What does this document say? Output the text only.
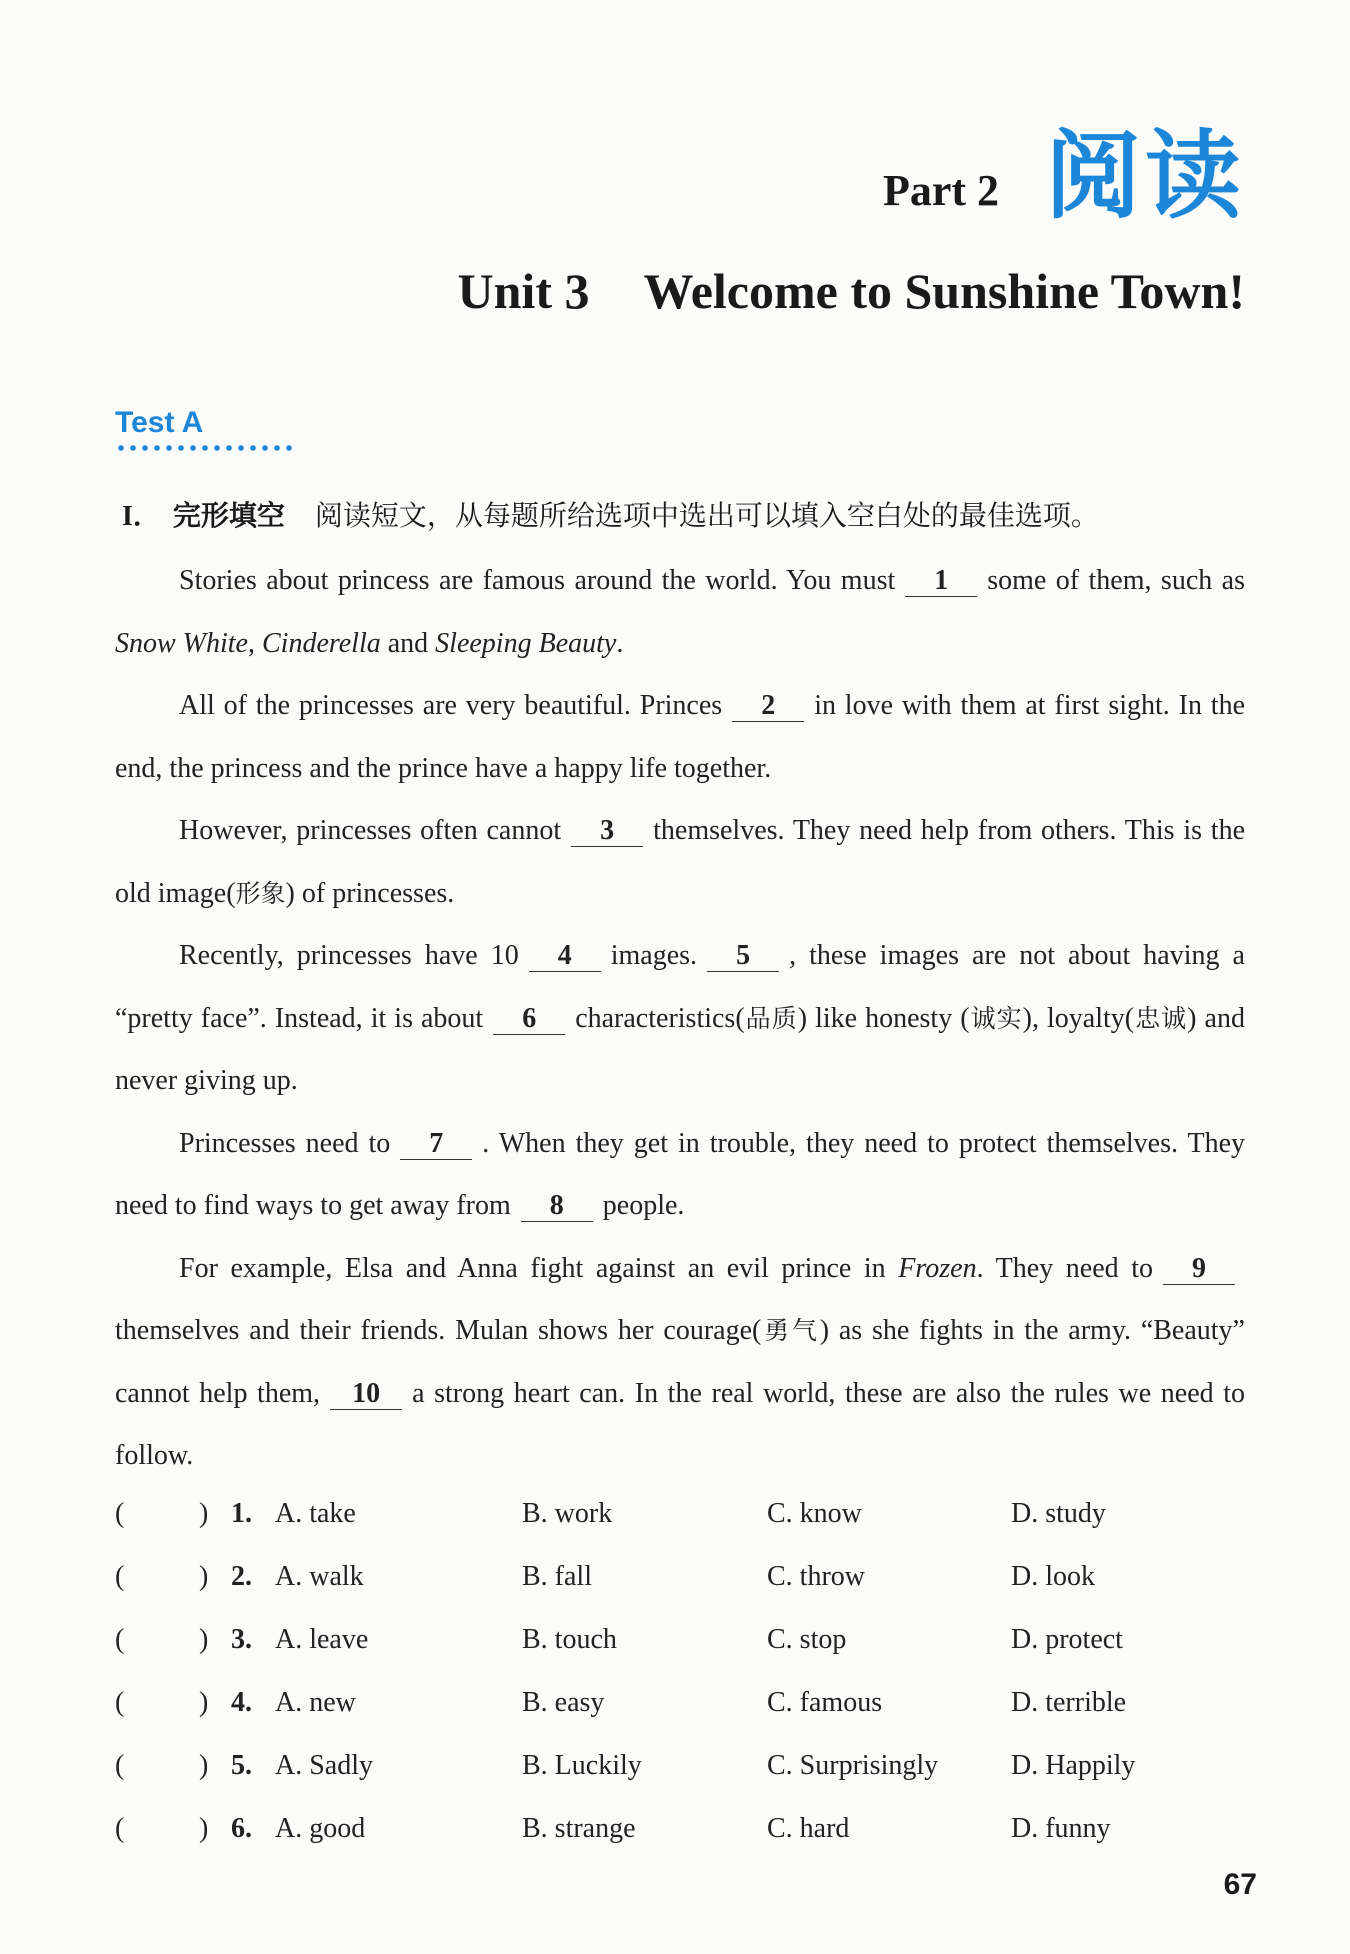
Part 2 阅读
Unit 3 Welcome to Sunshine Town!
Test A
I． 完形填空 阅读短文，从每题所给选项中选出可以填入空白处的最佳选项。

Stories about princess are famous around the world. You must 1 some of them, such as Snow White, Cinderella and Sleeping Beauty.

All of the princesses are very beautiful. Princes 2 in love with them at first sight. In the end, the princess and the prince have a happy life together.

However, princesses often cannot 3 themselves. They need help from others. This is the old image(形象) of princesses.

Recently, princesses have 10 4 images. 5 , these images are not about having a “pretty face”. Instead, it is about 6 characteristics(品质) like honesty (诚实), loyalty(忠诚) and never giving up.

Princesses need to 7 . When they get in trouble, they need to protect themselves. They need to find ways to get away from 8 people.

For example, Elsa and Anna fight against an evil prince in Frozen. They need to 9themselves and their friends. Mulan shows her courage(勇气) as she fights in the army. “Beauty” cannot help them, 10 a strong heart can. In the real world, these are also the rules we need to follow.

(	) 1. A. take	B. work	C. know	D. study
(	) 2. A. walk	B. fall	C. throw	D. look
(	) 3. A. leave	B. touch	C. stop	D. protect
(	) 4. A. new	B. easy	C. famous	D. terrible
(	) 5. A. Sadly	B. Luckily	C. Surprisingly	D. Happily
(	) 6. A. good	B. strange	C. hard	D. funny
67
